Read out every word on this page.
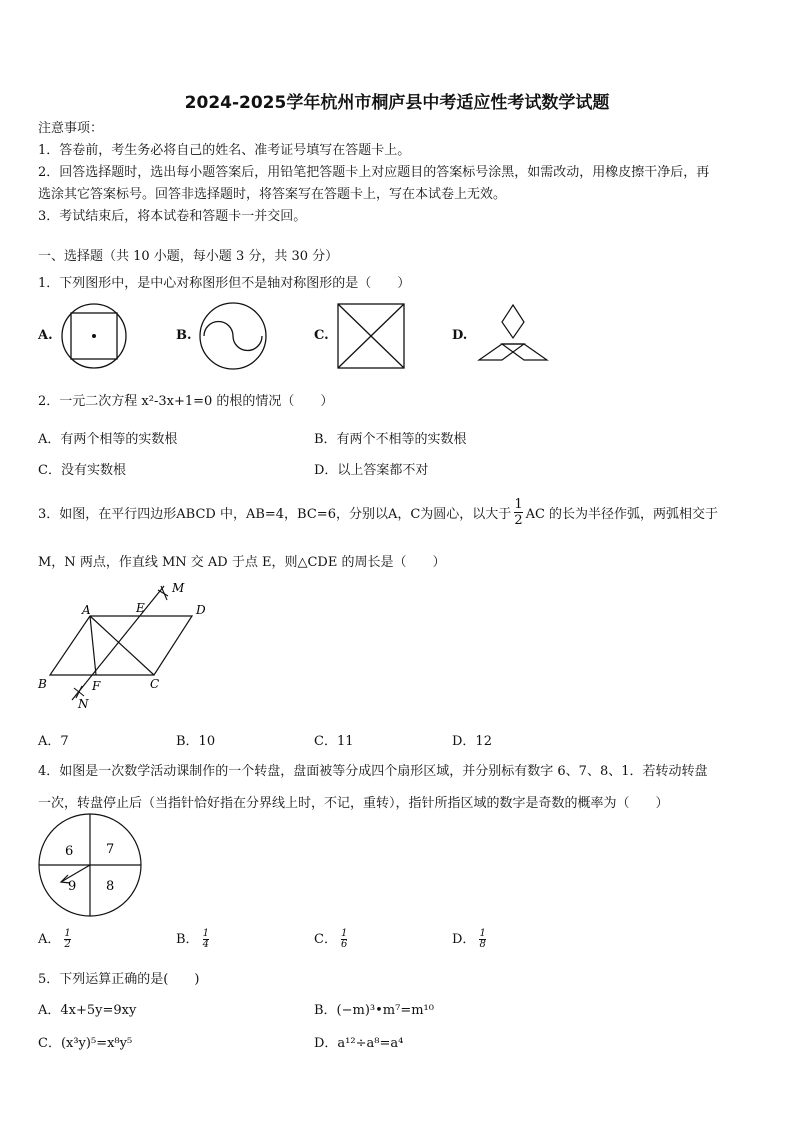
2024-2025学年杭州市桐庐县中考适应性考试数学试题
注意事项：
1．答卷前，考生务必将自己的姓名、准考证号填写在答题卡上。
2．回答选择题时，选出每小题答案后，用铅笔把答题卡上对应题目的答案标号涂黑，如需改动，用橡皮擦干净后，再
选涂其它答案标号。回答非选择题时，将答案写在答题卡上，写在本试卷上无效。
3．考试结束后，将本试卷和答题卡一并交回。
一、选择题（共 10 小题，每小题 3 分，共 30 分）
1．下列图形中，是中心对称图形但不是轴对称图形的是（　　）
A.	B.	C.	D.
2．一元二次方程 x²-3x+1=0 的根的情况（　　）
A．有两个相等的实数根	B．有两个不相等的实数根
C．没有实数根	D．以上答案都不对
3．如图，在平行四边形ABCD 中，AB=4，BC=6，分别以A，C为圆心，以大于 $\frac{1}{2}$ AC 的长为半径作弧，两弧相交于
M，N 两点，作直线 MN 交 AD 于点 E，则△CDE 的周长是（　　）
A	E
M
D
B	F	C
N
A．7	B．10	C．11	D．12
4．如图是一次数学活动课制作的一个转盘，盘面被等分成四个扇形区域，并分别标有数字 6、7、8、1．若转动转盘
一次，转盘停止后（当指针恰好指在分界线上时，不记，重转），指针所指区域的数字是奇数的概率为（　　）
6	7
9 8
A． $\frac{1}{2}$	B． $\frac{1}{4}$	C． $\frac{1}{6}$	D． $\frac{1}{8}$
5．下列运算正确的是(　　)
A．4x+5y=9xy	B．(−m)³•m⁷=m¹⁰
C．(x³y)⁵=x⁸y⁵	D．a¹²÷a⁸=a⁴
